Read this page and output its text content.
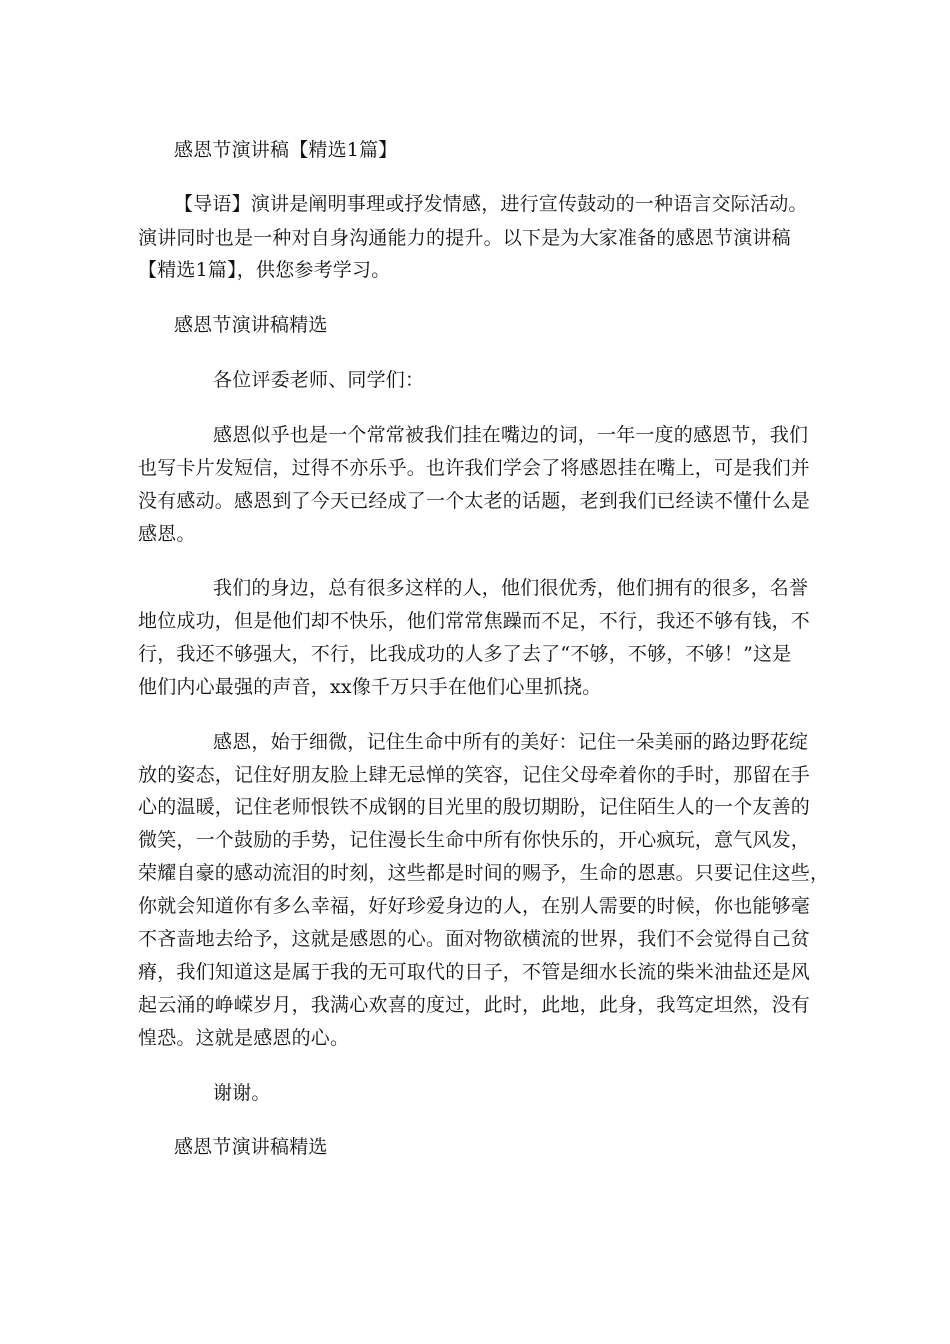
感恩节演讲稿【精选1篇】
【导语】演讲是阐明事理或抒发情感，进行宣传鼓动的一种语言交际活动。
演讲同时也是一种对自身沟通能力的提升。以下是为大家准备的感恩节演讲稿
【精选1篇】，供您参考学习。
感恩节演讲稿精选
各位评委老师、同学们：
感恩似乎也是一个常常被我们挂在嘴边的词，一年一度的感恩节，我们
也写卡片发短信，过得不亦乐乎。也许我们学会了将感恩挂在嘴上，可是我们并
没有感动。感恩到了今天已经成了一个太老的话题，老到我们已经读不懂什么是
感恩。
我们的身边，总有很多这样的人，他们很优秀，他们拥有的很多，名誉
地位成功，但是他们却不快乐，他们常常焦躁而不足，不行，我还不够有钱，不
行，我还不够强大，不行，比我成功的人多了去了“不够，不够，不够！”这是
他们内心最强的声音，xx像千万只手在他们心里抓挠。
感恩，始于细微，记住生命中所有的美好：记住一朵美丽的路边野花绽
放的姿态，记住好朋友脸上肆无忌惮的笑容，记住父母牵着你的手时，那留在手
心的温暖，记住老师恨铁不成钢的目光里的殷切期盼，记住陌生人的一个友善的
微笑，一个鼓励的手势，记住漫长生命中所有你快乐的，开心疯玩，意气风发，
荣耀自豪的感动流泪的时刻，这些都是时间的赐予，生命的恩惠。只要记住这些，
你就会知道你有多么幸福，好好珍爱身边的人，在别人需要的时候，你也能够毫
不吝啬地去给予，这就是感恩的心。面对物欲横流的世界，我们不会觉得自己贫
瘠，我们知道这是属于我的无可取代的日子，不管是细水长流的柴米油盐还是风
起云涌的峥嵘岁月，我满心欢喜的度过，此时，此地，此身，我笃定坦然，没有
惶恐。这就是感恩的心。
谢谢。
感恩节演讲稿精选
